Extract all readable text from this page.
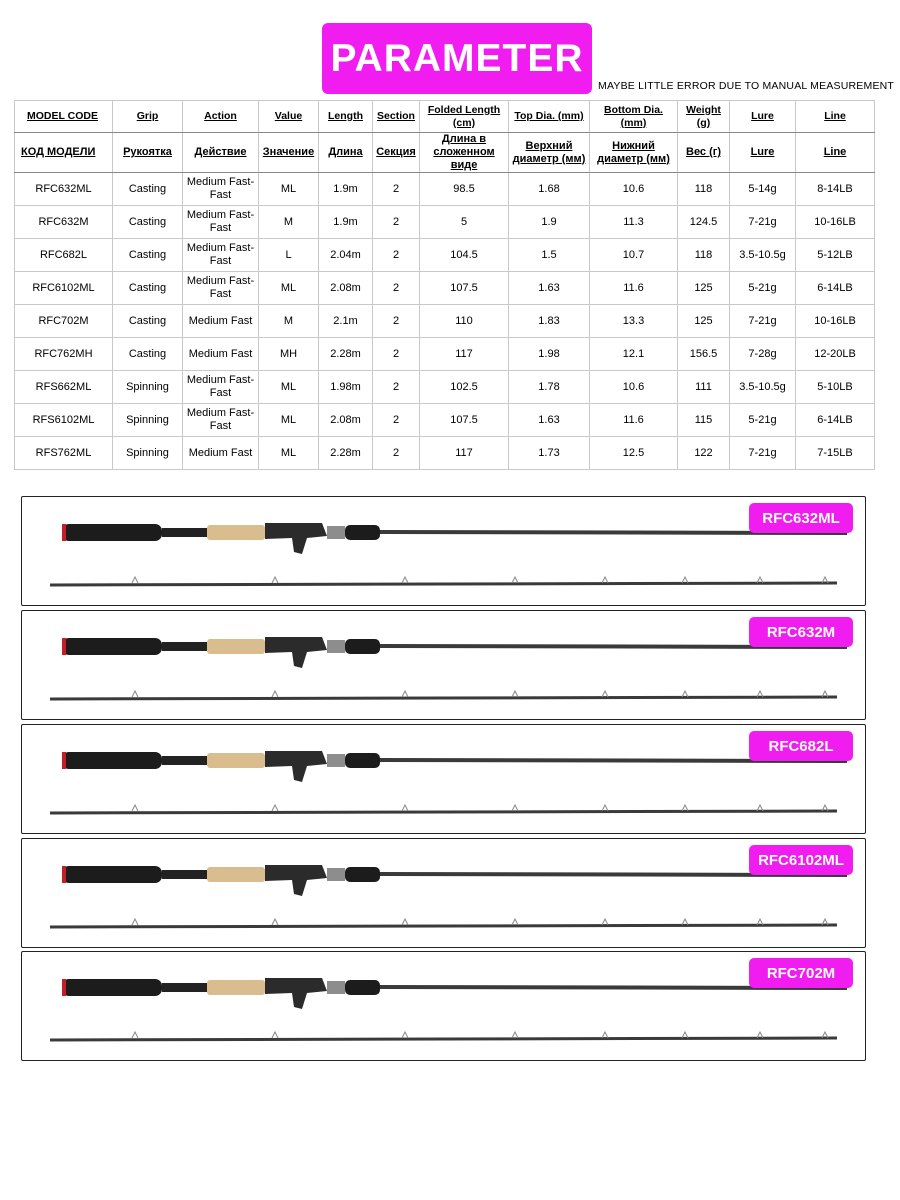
PARAMETER
MAYBE LITTLE ERROR DUE TO MANUAL MEASUREMENT
MODEL CODE	Grip	Action	Value	Length	Section	Folded Length (cm)	Top Dia. (mm)	Bottom Dia. (mm)	Weight (g)	Lure	Line
КОД МОДЕЛИ	Рукоятка	Действие	Значение	Длина	Секция	Длина в сложенном виде	Верхний диаметр (мм)	Нижний диаметр (мм)	Вес (г)	Lure	Line
RFC632ML	Casting	Medium Fast-Fast	ML	1.9m	2	98.5	1.68	10.6	118	5-14g	8-14LB
RFC632M	Casting	Medium Fast-Fast	M	1.9m	2	5	1.9	11.3	124.5	7-21g	10-16LB
RFC682L	Casting	Medium Fast-Fast	L	2.04m	2	104.5	1.5	10.7	118	3.5-10.5g	5-12LB
RFC6102ML	Casting	Medium Fast-Fast	ML	2.08m	2	107.5	1.63	11.6	125	5-21g	6-14LB
RFC702M	Casting	Medium Fast	M	2.1m	2	110	1.83	13.3	125	7-21g	10-16LB
RFC762MH	Casting	Medium Fast	MH	2.28m	2	117	1.98	12.1	156.5	7-28g	12-20LB
RFS662ML	Spinning	Medium Fast-Fast	ML	1.98m	2	102.5	1.78	10.6	111	3.5-10.5g	5-10LB
RFS6102ML	Spinning	Medium Fast-Fast	ML	2.08m	2	107.5	1.63	11.6	115	5-21g	6-14LB
RFS762ML	Spinning	Medium Fast	ML	2.28m	2	117	1.73	12.5	122	7-21g	7-15LB
RFC632ML
RFC632M
RFC682L
RFC6102ML
RFC702M
